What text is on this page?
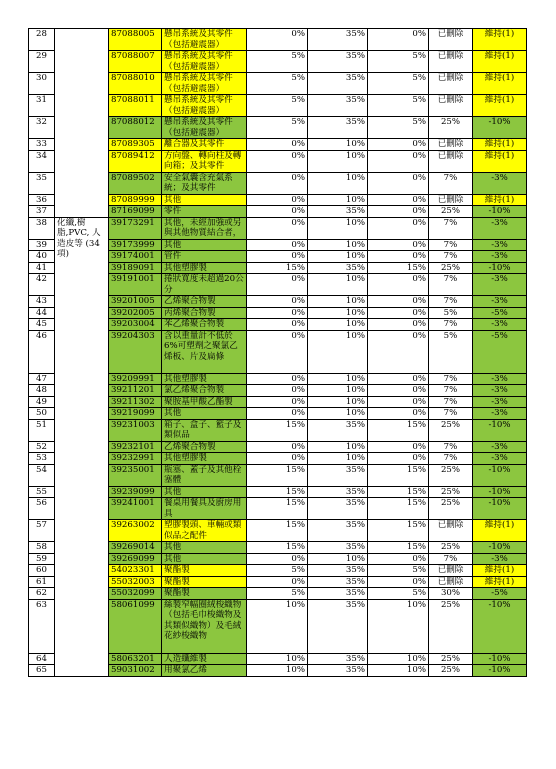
28		87088005	懸吊系統及其零件（包括避震器）	0%	35%	0%	已刪除	維持(1)
29		87088007	懸吊系統及其零件（包括避震器）	5%	35%	5%	已刪除	維持(1)
30		87088010	懸吊系統及其零件（包括避震器）	5%	35%	5%	已刪除	維持(1)
31		87088011	懸吊系統及其零件（包括避震器）	5%	35%	5%	已刪除	維持(1)
32		87088012	懸吊系統及其零件（包括避震器）	5%	35%	5%	25%	-10%
33		87089305	離合器及其零件	0%	10%	0%	已刪除	維持(1)
34		87089412	方向盤、轉向柱及轉向箱；及其零件	0%	10%	0%	已刪除	維持(1)
35		87089502	安全氣囊含充氣系統；及其零件	0%	10%	0%	7%	-3%
36		87089999	其他	0%	10%	0%	已刪除	維持(1)
37		87169099	零件	0%	35%	0%	25%	-10%
38	化纖,樹脂,PVC, 人造皮等 (34項)	39173291	其他，未經加強或另與其他物質結合者，	0%	10%	0%	7%	-3%
39		39173999	其他	0%	10%	0%	7%	-3%
40		39174001	管件	0%	10%	0%	7%	-3%
41		39189091	其他塑膠製	15%	35%	15%	25%	-10%
42		39191001	捲狀寬度未超過20公分	0%	10%	0%	7%	-3%
43		39201005	乙烯聚合物製	0%	10%	0%	7%	-3%
44		39202005	丙烯聚合物製	0%	10%	0%	5%	-5%
45		39203004	苯乙烯聚合物製	0%	10%	0%	7%	-3%
46		39204303	含以重量計不低於6%可塑劑之聚氯乙烯板、片及扁條	0%	10%	0%	5%	-5%
47		39209991	其他塑膠製	0%	10%	0%	7%	-3%
48		39211201	氯乙烯聚合物製	0%	10%	0%	7%	-3%
49		39211302	聚胺基甲酸乙酯製	0%	10%	0%	7%	-3%
50		39219099	其他	0%	10%	0%	7%	-3%
51		39231003	箱子、盒子、籃子及類似品	15%	35%	15%	25%	-10%
52		39232101	乙烯聚合物製	0%	10%	0%	7%	-3%
53		39232991	其他塑膠製	0%	10%	0%	7%	-3%
54		39235001	瓶塞、蓋子及其他栓塞體	15%	35%	15%	25%	-10%
55		39239099	其他	15%	35%	15%	25%	-10%
56		39241001	餐桌用餐具及廚房用具	15%	35%	15%	25%	-10%
57		39263002	塑膠製頭、車輛或類似品之配件	15%	35%	15%	已刪除	維持(1)
58		39269014	其他	15%	35%	15%	25%	-10%
59		39269099	其他	0%	10%	0%	7%	-3%
60		54023301	聚酯製	5%	35%	5%	已刪除	維持(1)
61		55032003	聚酯製	0%	35%	0%	已刪除	維持(1)
62		55032099	聚酯製	5%	35%	5%	30%	-5%
63		58061099	絲製窄幅圈絨梭織物（包括毛巾梭織物及其類似織物）及毛絨花紗梭織物	10%	35%	10%	25%	-10%
64		58063201	人造纖維製	10%	35%	10%	25%	-10%
65		59031002	用聚氯乙烯	10%	35%	10%	25%	-10%
